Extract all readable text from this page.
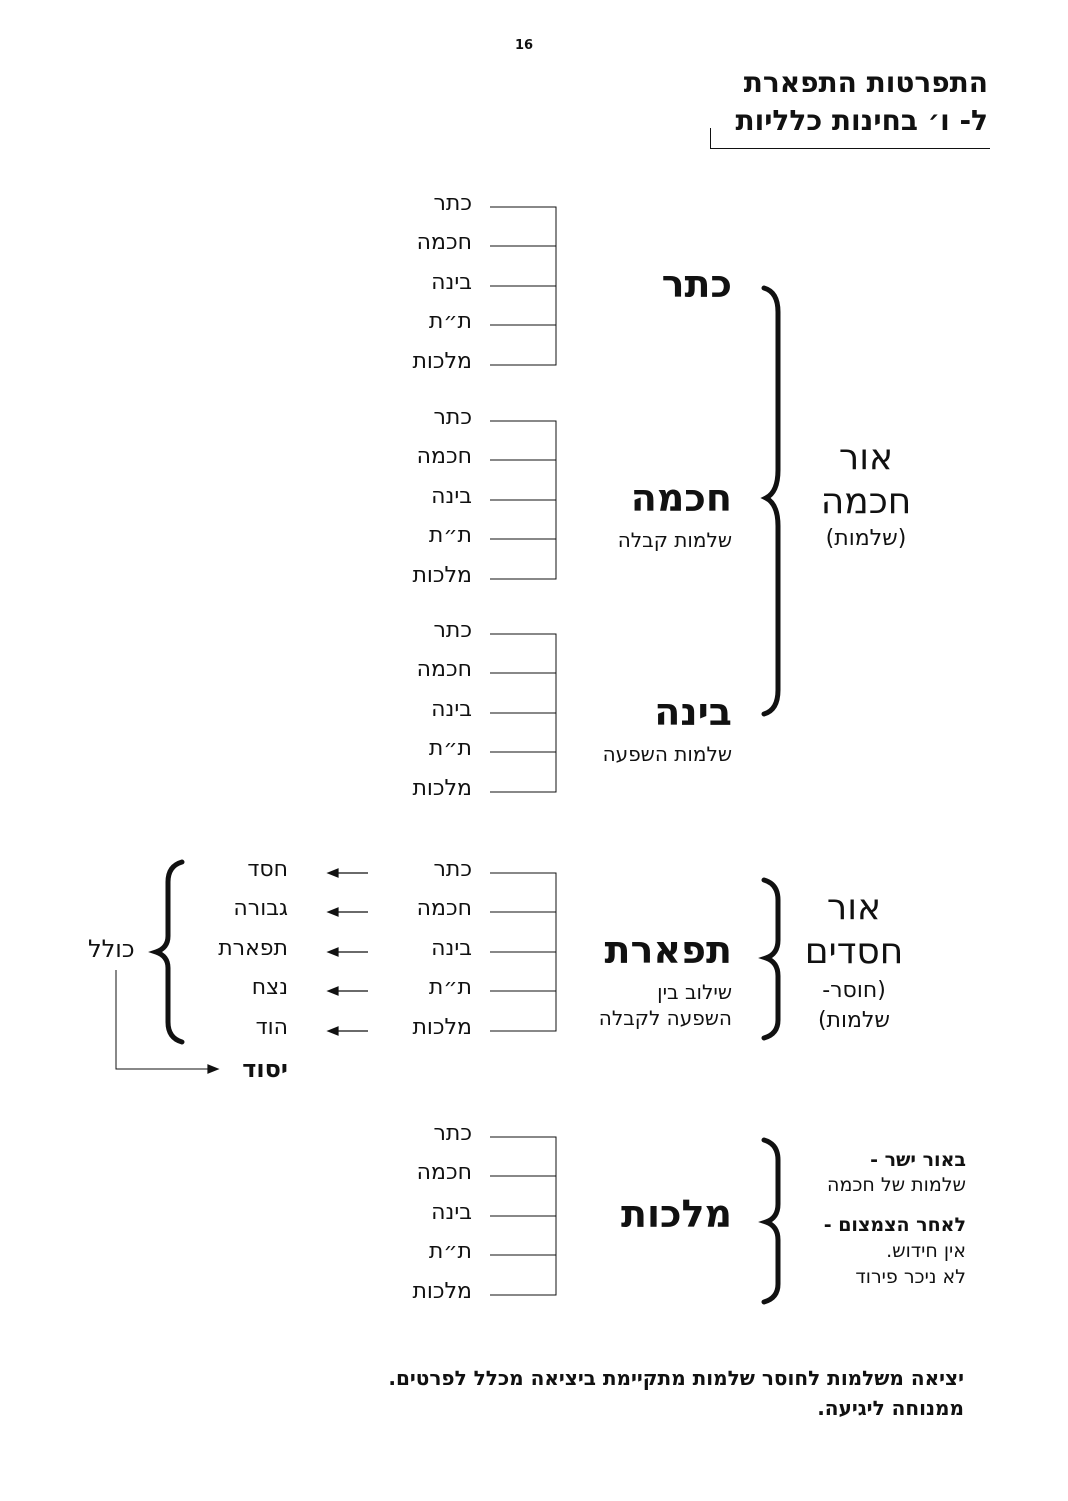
16
התפרטות התפארת
ל- ו׳ בחינות כלליות
כתר
חכמה
בינה
ת״ת
מלכות
כתר
חכמה
בינה
ת״ת
מלכות
כתר
חכמה
בינה
ת״ת
מלכות
כתר
חכמה
בינה
ת״ת
מלכות
כתר
חכמה
בינה
ת״ת
מלכות
כתר
חכמה
שלמות קבלה
בינה
שלמות השפעה
תפארת
שילוב בין
השפעה לקבלה
מלכות
אור
חכמה
(שלמות)
אור
חסדים
(חוסר-
שלמות)
חסד
גבורה
תפארת
נצח
הוד
כולל
יסוד
באור ישר -
שלמות של חכמה
לאחר הצמצום -
אין חידוש.
לא ניכר פירוד
יציאה משלמות לחוסר שלמות מתקיימת ביציאה מכלל לפרטים.
ממנוחה ליגיעה.
